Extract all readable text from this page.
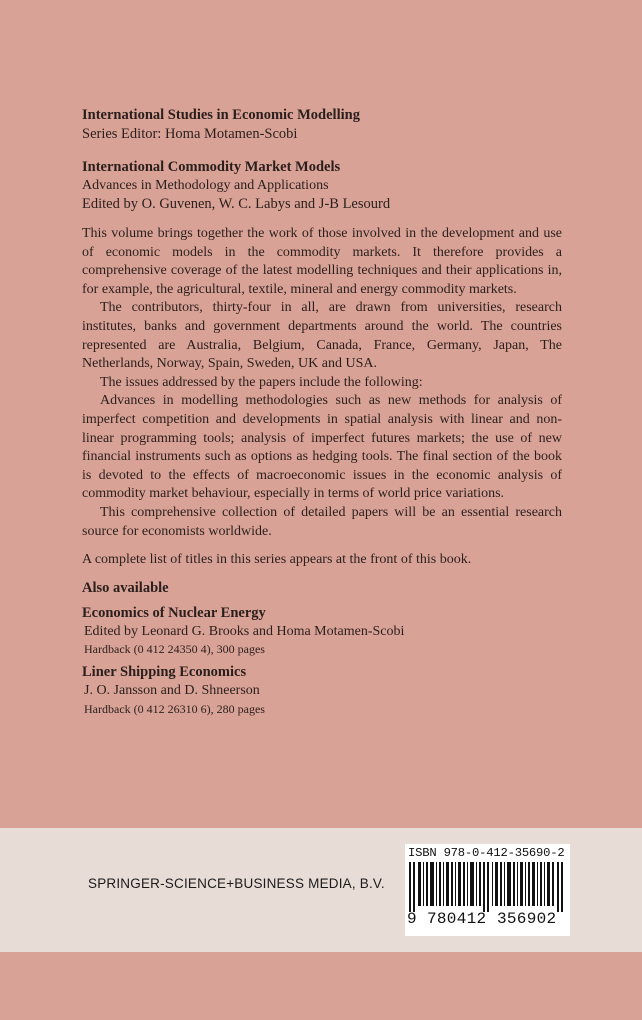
International Studies in Economic Modelling
Series Editor: Homa Motamen-Scobi
International Commodity Market Models
Advances in Methodology and Applications
Edited by O. Guvenen, W. C. Labys and J-B Lesourd

This volume brings together the work of those involved in the development and use of economic models in the commodity markets. It therefore provides a comprehensive coverage of the latest modelling techniques and their applications in, for example, the agricultural, textile, mineral and energy commodity markets.

The contributors, thirty-four in all, are drawn from universities, research institutes, banks and government departments around the world. The countries represented are Australia, Belgium, Canada, France, Germany, Japan, The Netherlands, Norway, Spain, Sweden, UK and USA.

The issues addressed by the papers include the following:

Advances in modelling methodologies such as new methods for analysis of imperfect competition and developments in spatial analysis with linear and non-linear programming tools; analysis of imperfect futures markets; the use of new financial instruments such as options as hedging tools. The final section of the book is devoted to the effects of macroeconomic issues in the economic analysis of commodity market behaviour, especially in terms of world price variations.

This comprehensive collection of detailed papers will be an essential research source for economists worldwide.

A complete list of titles in this series appears at the front of this book.
Also available
Economics of Nuclear Energy
Edited by Leonard G. Brooks and Homa Motamen-Scobi
Hardback (0 412 24350 4), 300 pages
Liner Shipping Economics
J. O. Jansson and D. Shneerson
Hardback (0 412 26310 6), 280 pages
SPRINGER-SCIENCE+BUSINESS MEDIA, B.V.
ISBN 978-0-412-35690-2
9 780412 356902
